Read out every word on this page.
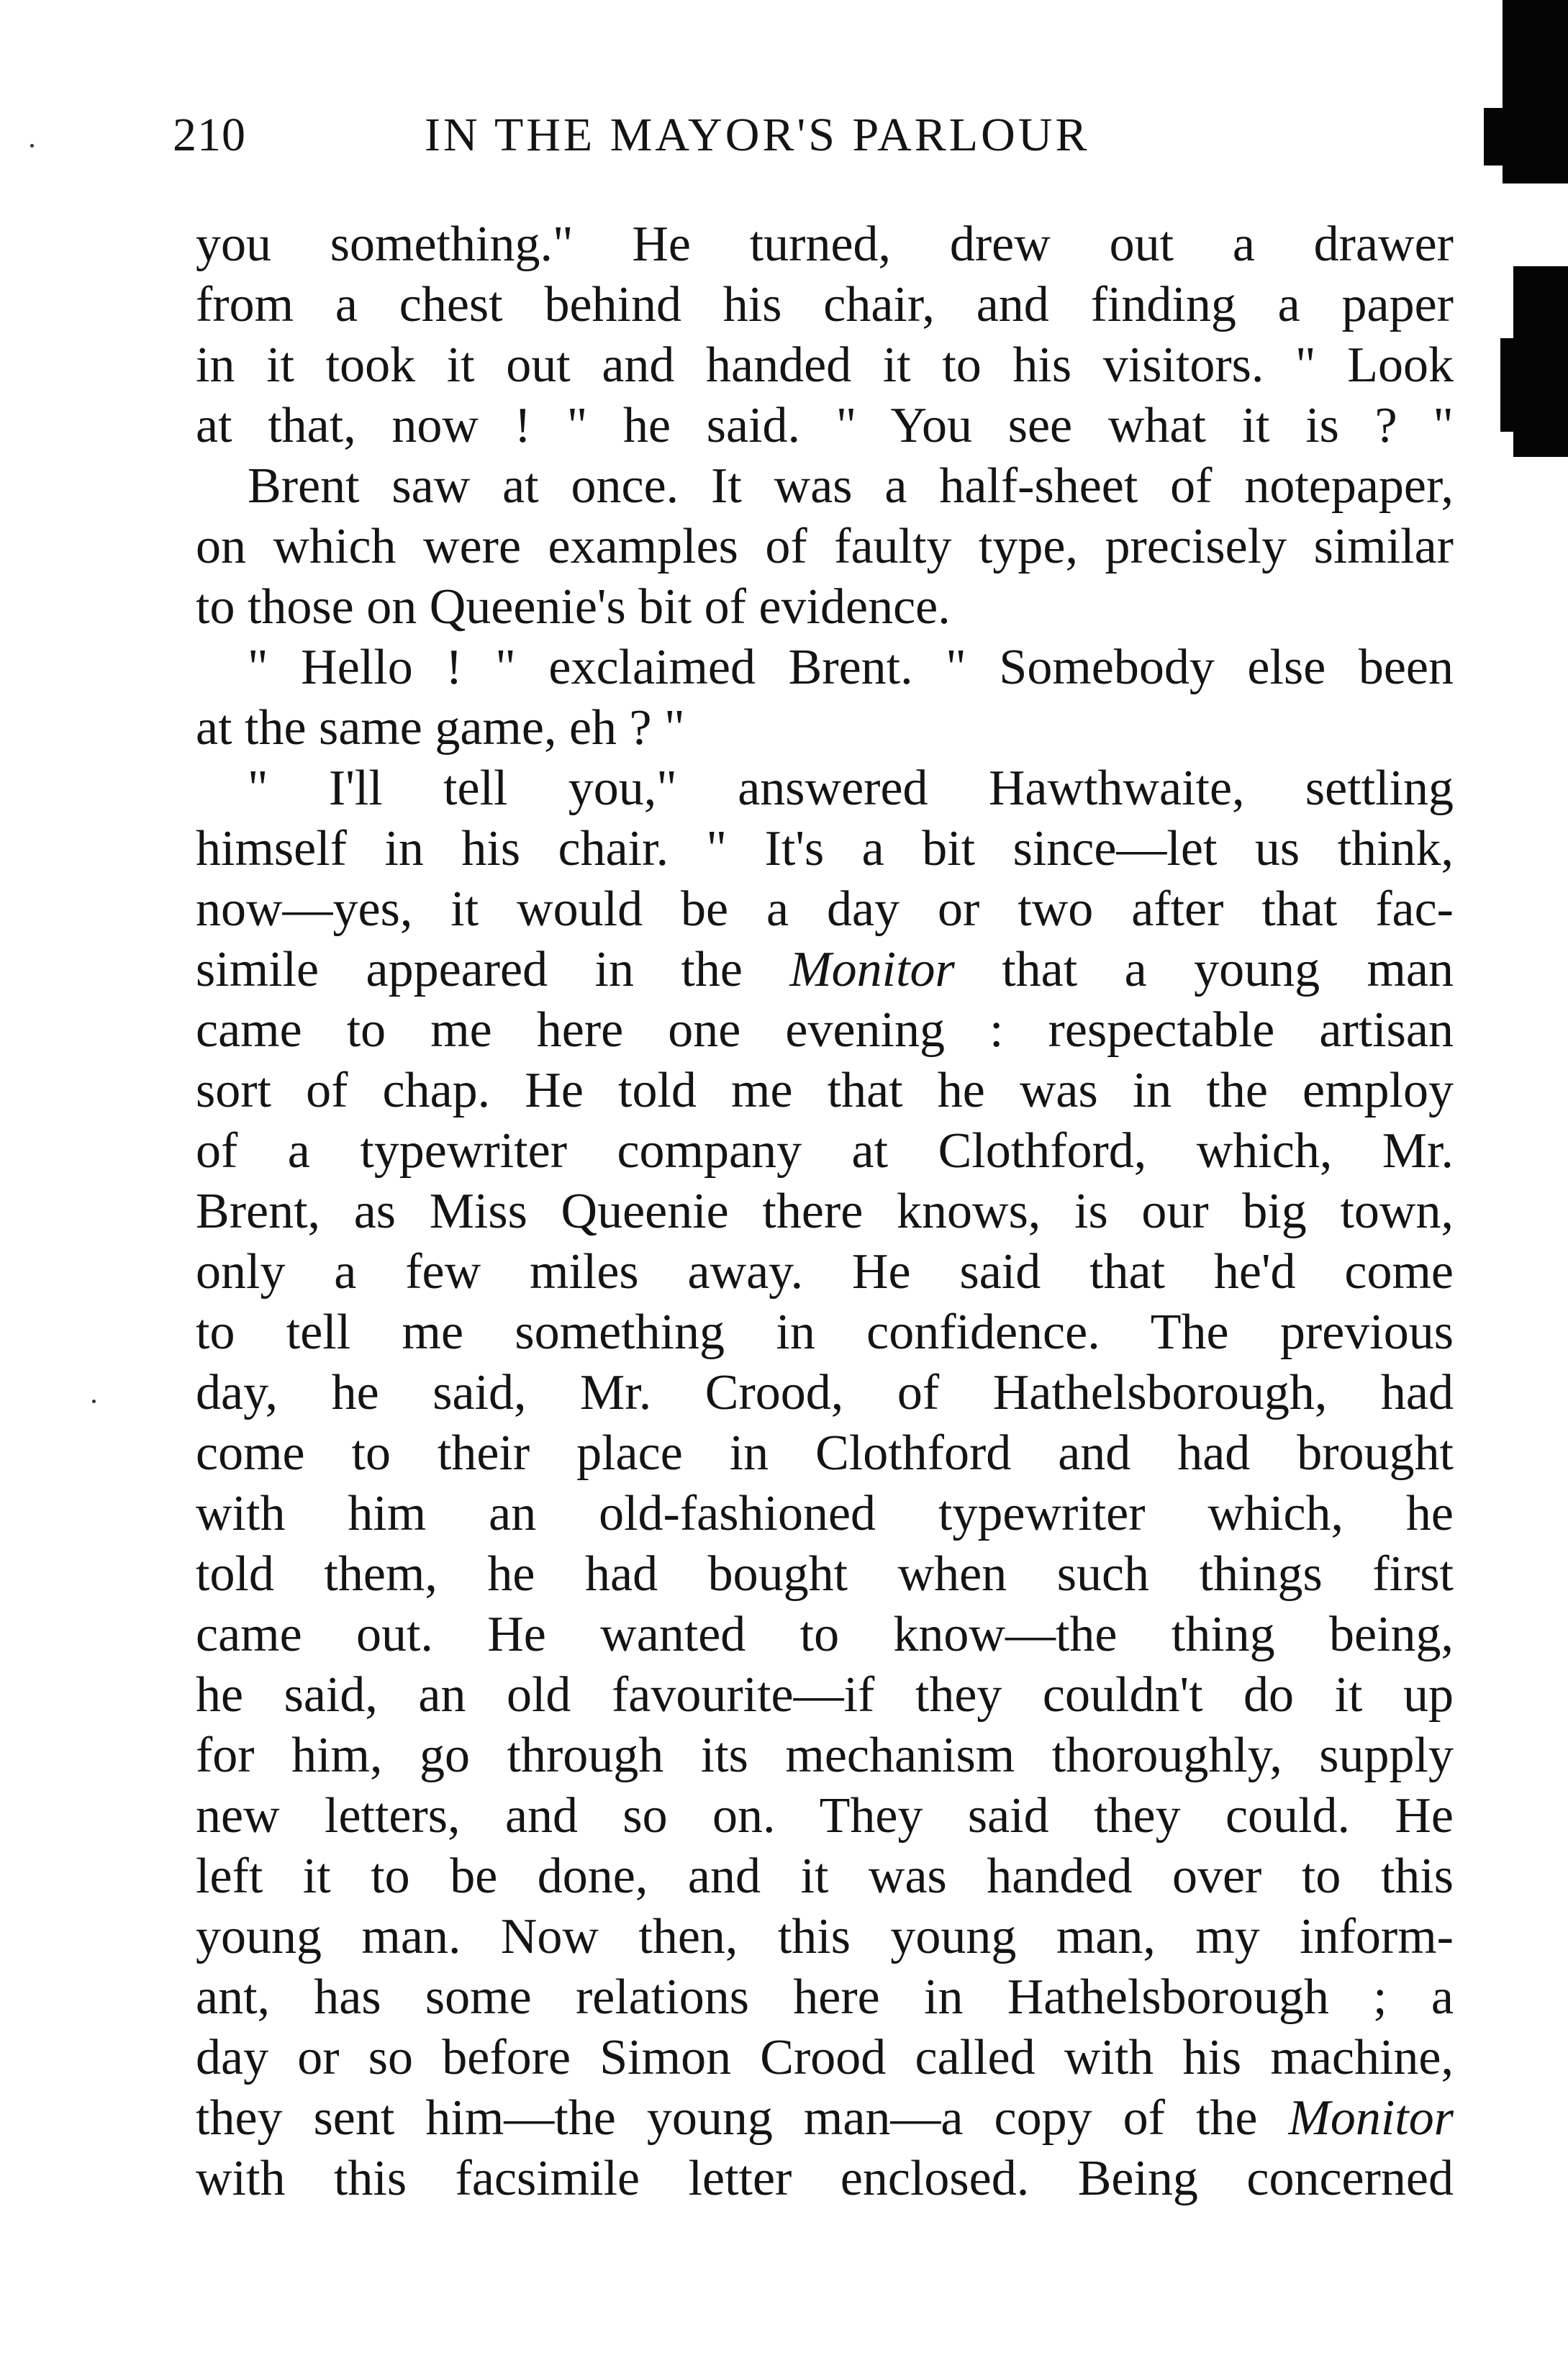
210	IN THE MAYOR'S PARLOUR
you something." He turned, drew out a drawer
from a chest behind his chair, and finding a paper
in it took it out and handed it to his visitors. " Look
at that, now ! " he said. " You see what it is ? "
Brent saw at once. It was a half-sheet of notepaper,
on which were examples of faulty type, precisely similar
to those on Queenie's bit of evidence.
" Hello ! " exclaimed Brent. " Somebody else been
at the same game, eh ? "
" I'll tell you," answered Hawthwaite, settling
himself in his chair. " It's a bit since—let us think,
now—yes, it would be a day or two after that fac-
simile appeared in the Monitor that a young man
came to me here one evening : respectable artisan
sort of chap. He told me that he was in the employ
of a typewriter company at Clothford, which, Mr.
Brent, as Miss Queenie there knows, is our big town,
only a few miles away. He said that he'd come
to tell me something in confidence. The previous
day, he said, Mr. Crood, of Hathelsborough, had
come to their place in Clothford and had brought
with him an old-fashioned typewriter which, he
told them, he had bought when such things first
came out. He wanted to know—the thing being,
he said, an old favourite—if they couldn't do it up
for him, go through its mechanism thoroughly, supply
new letters, and so on. They said they could. He
left it to be done, and it was handed over to this
young man. Now then, this young man, my inform-
ant, has some relations here in Hathelsborough ; a
day or so before Simon Crood called with his machine,
they sent him—the young man—a copy of the Monitor
with this facsimile letter enclosed. Being concerned
